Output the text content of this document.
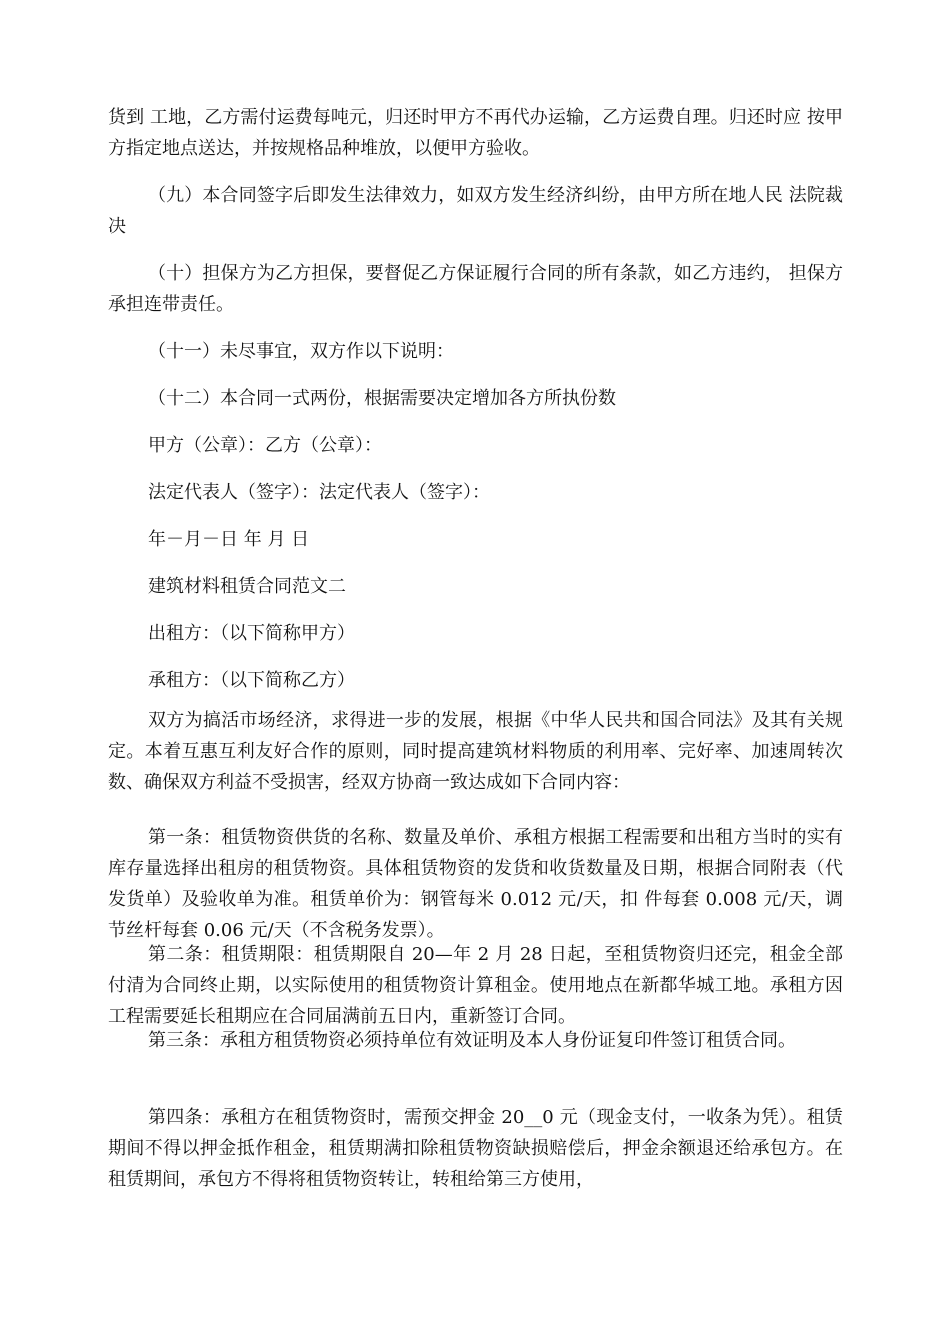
货到 工地，乙方需付运费每吨元，归还时甲方不再代办运输，乙方运费自理。归还时应 按甲方指定地点送达，并按规格品种堆放，以便甲方验收。

（九）本合同签字后即发生法律效力，如双方发生经济纠纷，由甲方所在地人民 法院裁决

（十）担保方为乙方担保，要督促乙方保证履行合同的所有条款，如乙方违约， 担保方承担连带责任。

（十一）未尽事宜，双方作以下说明：

（十二）本合同一式两份，根据需要决定增加各方所执份数

甲方（公章）：乙方（公章）：

法定代表人（签字）：法定代表人（签字）：

年－月－日 年 月 日

建筑材料租赁合同范文二

出租方：（以下简称甲方）

承租方：（以下简称乙方）

双方为搞活市场经济，求得进一步的发展，根据《中华人民共和国合同法》及其有关规定。本着互惠互利友好合作的原则，同时提高建筑材料物质的利用率、完好率、加速周转次数、确保双方利益不受损害，经双方协商一致达成如下合同内容：

第一条：租赁物资供货的名称、数量及单价、承租方根据工程需要和出租方当时的实有库存量选择出租房的租赁物资。具体租赁物资的发货和收货数量及日期，根据合同附表（代发货单）及验收单为准。租赁单价为：钢管每米 0.012 元/天，扣 件每套 0.008 元/天，调节丝杆每套 0.06 元/天（不含税务发票）。

第二条：租赁期限：租赁期限自 20—年 2 月 28 日起，至租赁物资归还完，租金全部付清为合同终止期，以实际使用的租赁物资计算租金。使用地点在新都华城工地。承租方因工程需要延长租期应在合同届满前五日内，重新签订合同。

第三条：承租方租赁物资必须持单位有效证明及本人身份证复印件签订租赁合同。

第四条：承租方在租赁物资时，需预交押金 20__0 元（现金支付，一收条为凭）。租赁期间不得以押金抵作租金，租赁期满扣除租赁物资缺损赔偿后，押金余额退还给承包方。在租赁期间，承包方不得将租赁物资转让，转租给第三方使用，
